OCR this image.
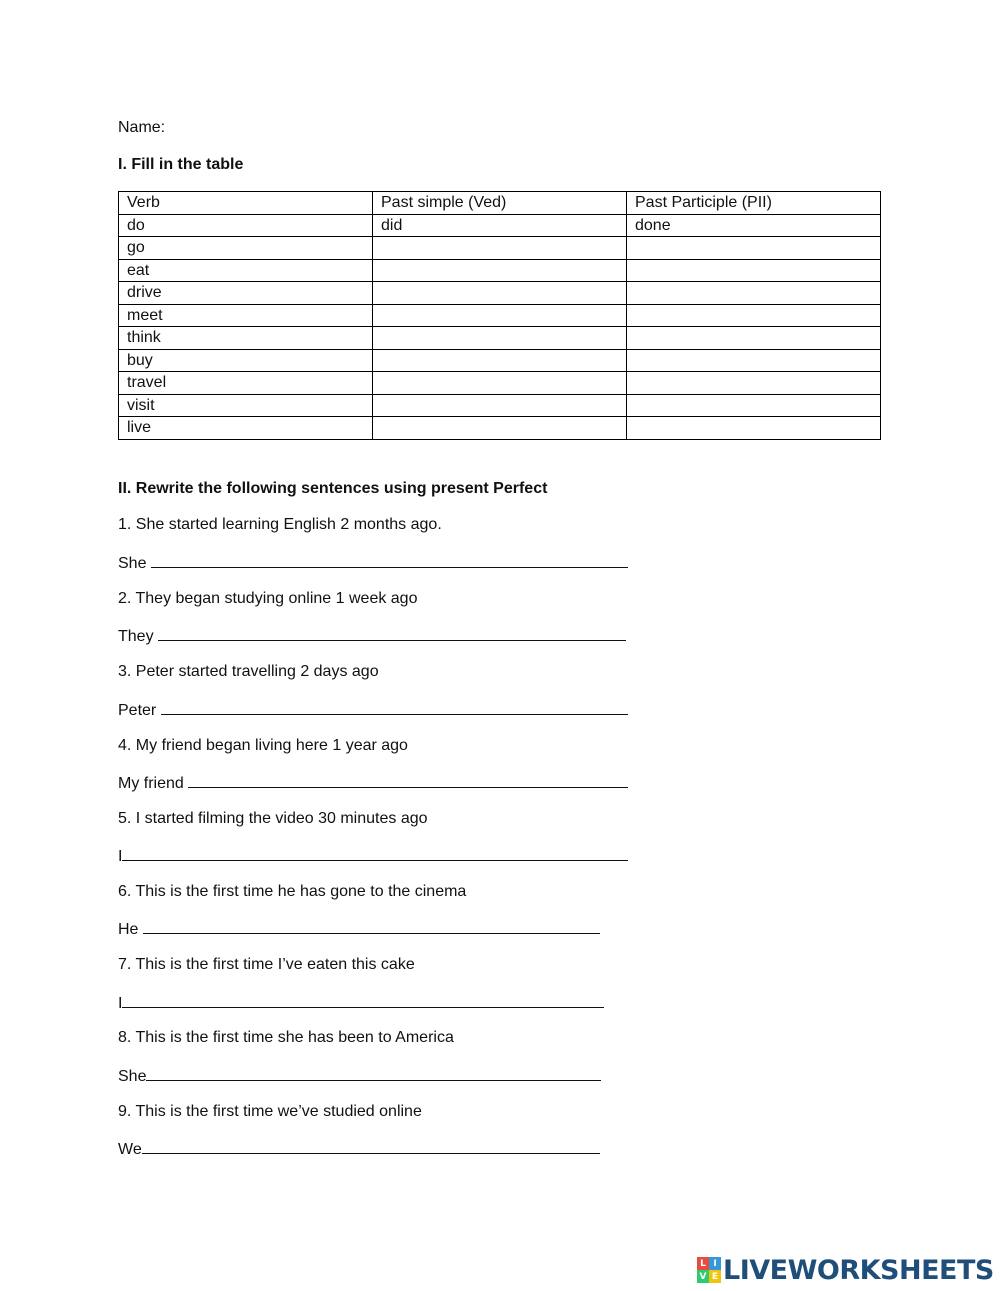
Name:
I. Fill in the table
Verb	Past simple (Ved)	Past Participle (PII)
do	did	done
go		
eat		
drive		
meet		
think		
buy		
travel		
visit		
live		
II. Rewrite the following sentences using present Perfect
1. She started learning English 2 months ago.
She
2. They began studying online 1 week ago
They
3. Peter started travelling 2 days ago
Peter
4. My friend began living here 1 year ago
My friend
5. I started filming the video 30 minutes ago
I
6. This is the first time he has gone to the cinema
He
7. This is the first time I’ve eaten this cake
I
8. This is the first time she has been to America
She
9. This is the first time we’ve studied online
We
L I
V E LIVEWORKSHEETS
